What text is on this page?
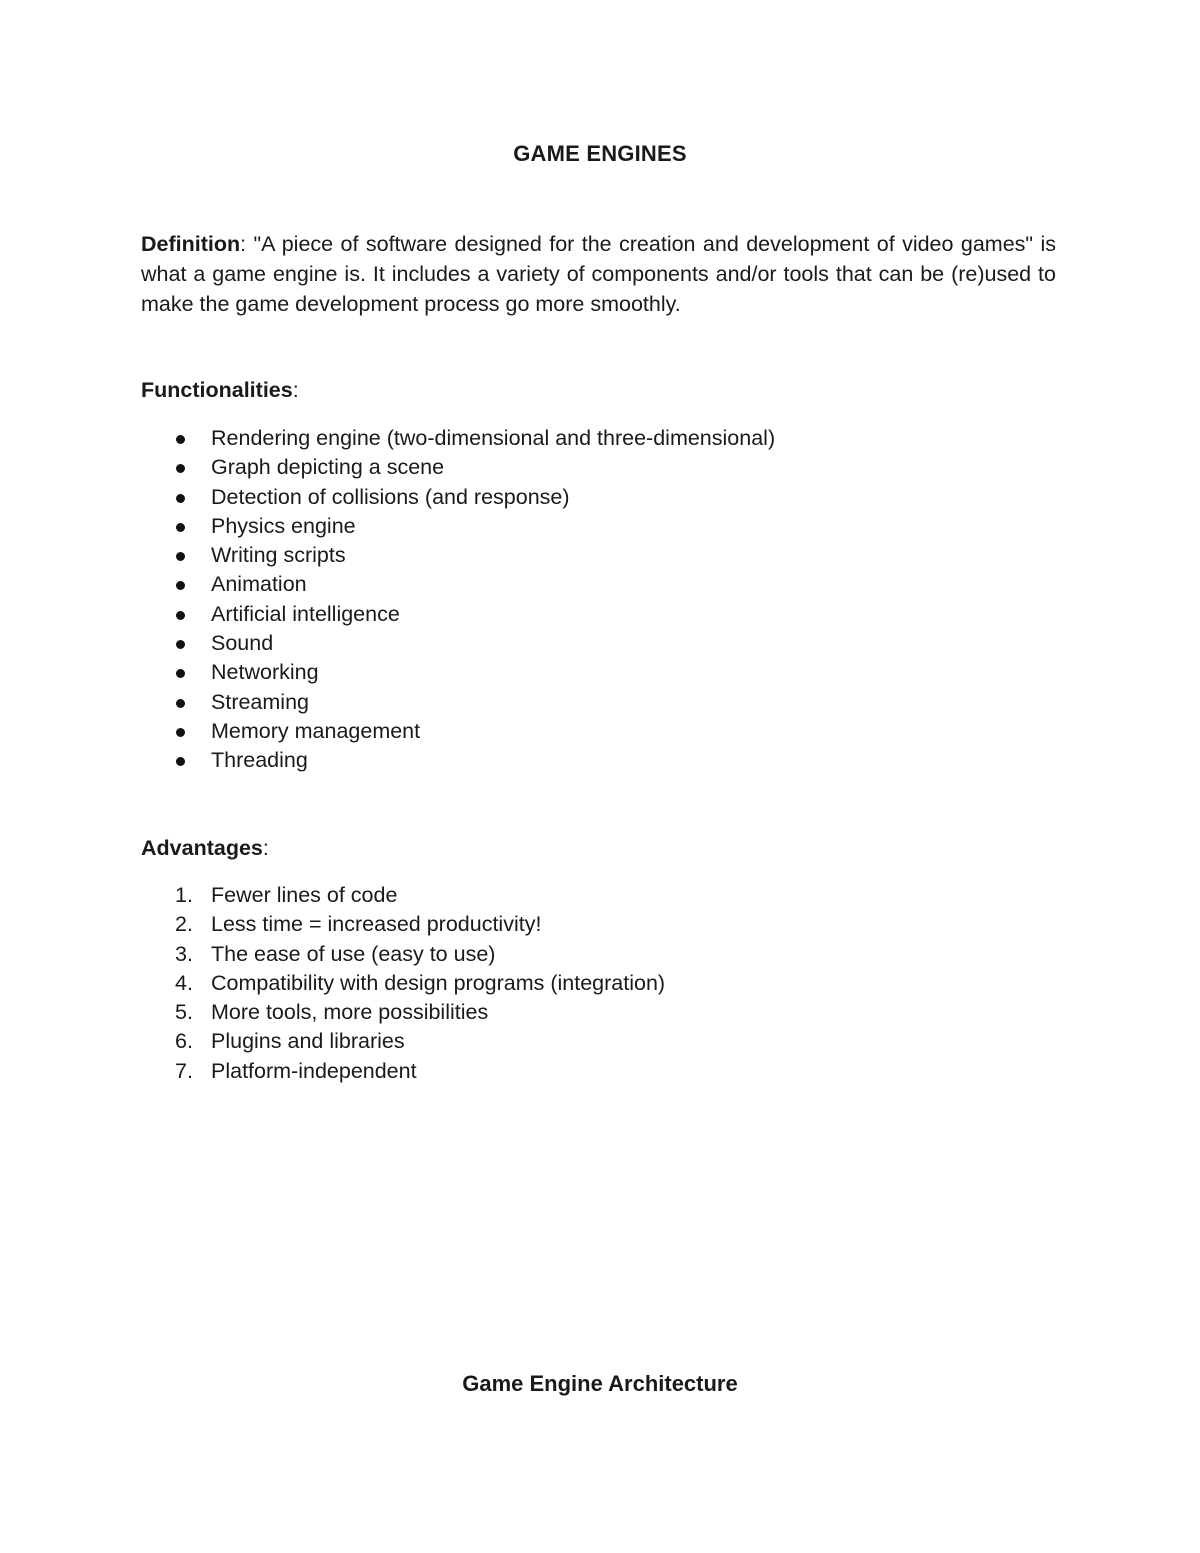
GAME ENGINES

Definition: "A piece of software designed for the creation and development of video games" is what a game engine is. It includes a variety of components and/or tools that can be (re)used to make the game development process go more smoothly.

Functionalities:

Rendering engine (two-dimensional and three-dimensional)
Graph depicting a scene
Detection of collisions (and response)
Physics engine
Writing scripts
Animation
Artificial intelligence
Sound
Networking
Streaming
Memory management
Threading

Advantages:

1. Fewer lines of code
2. Less time = increased productivity!
3. The ease of use (easy to use)
4. Compatibility with design programs (integration)
5. More tools, more possibilities
6. Plugins and libraries
7. Platform-independent
Game Engine Architecture
